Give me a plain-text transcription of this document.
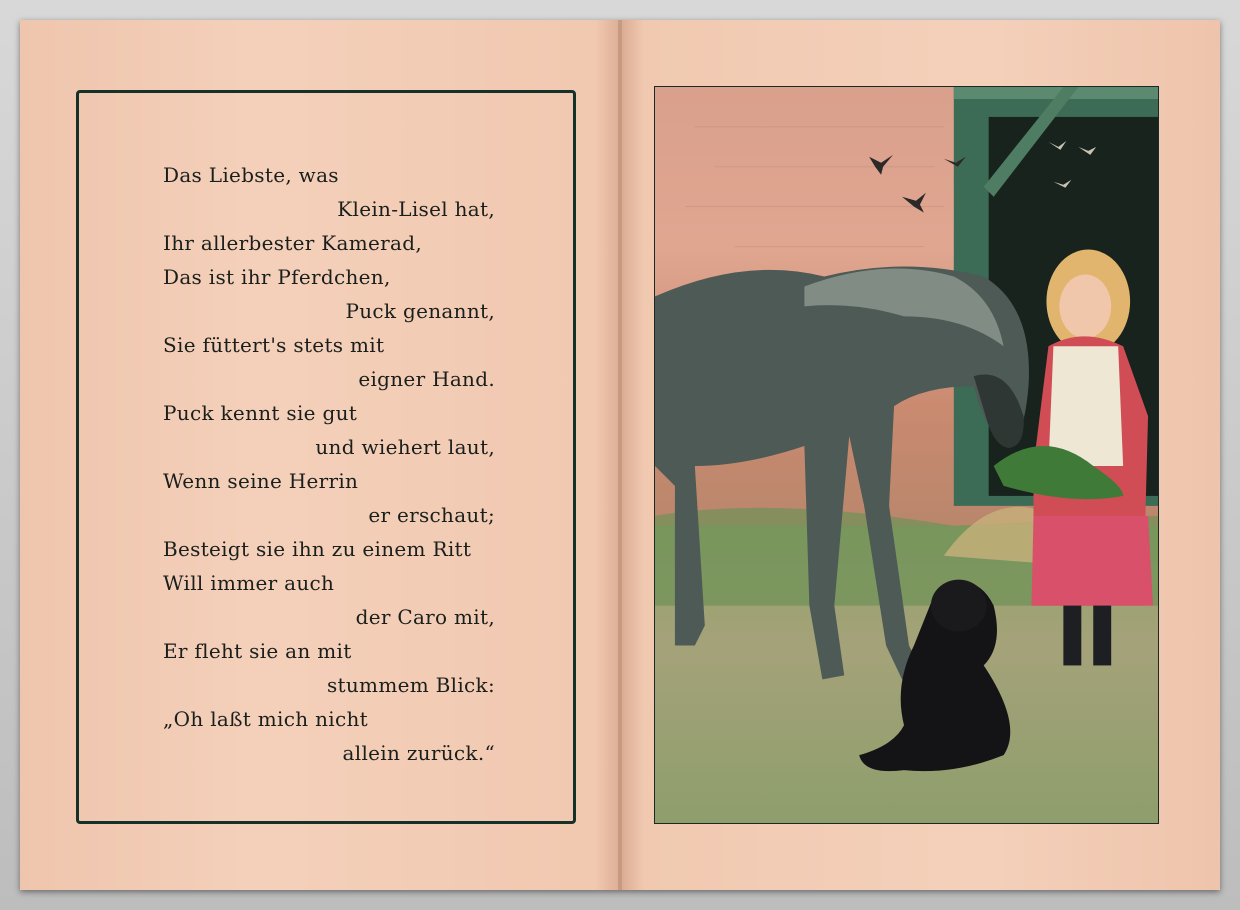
Das Liebste, was

Klein-Lisel hat,

Ihr allerbester Kamerad,

Das ist ihr Pferdchen,

Puck genannt,

Sie füttert's stets mit

eigner Hand.

Puck kennt sie gut

und wiehert laut,

Wenn seine Herrin

er erschaut;

Besteigt sie ihn zu einem Ritt

Will immer auch

der Caro mit,

Er fleht sie an mit

stummem Blick:

„Oh laßt mich nicht

allein zurück.“
